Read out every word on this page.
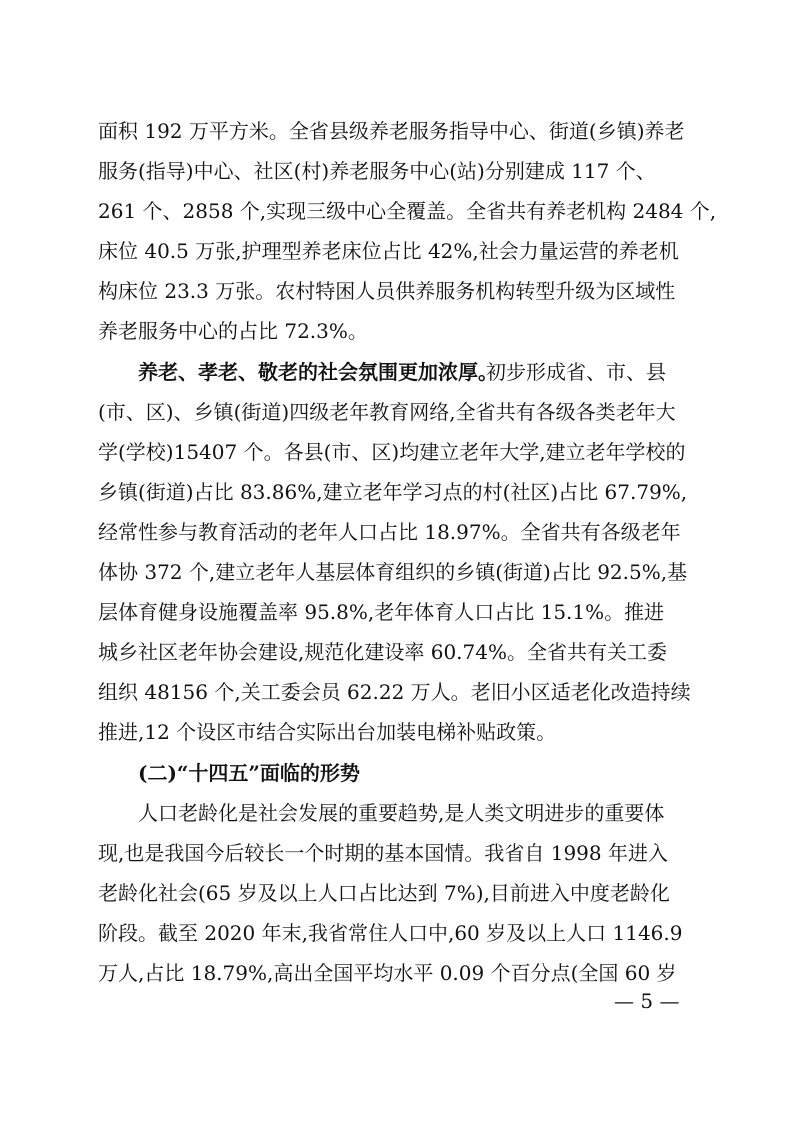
面积 192 万平方米。全省县级养老服务指导中心、街道(乡镇)养老

服务(指导)中心、社区(村)养老服务中心(站)分别建成 117 个、

261 个、2858 个,实现三级中心全覆盖。全省共有养老机构 2484 个,

床位 40.5 万张,护理型养老床位占比 42%,社会力量运营的养老机

构床位 23.3 万张。农村特困人员供养服务机构转型升级为区域性

养老服务中心的占比 72.3%。

养老、孝老、敬老的社会氛围更加浓厚。
初步形成省、市、县

(市、区)、乡镇(街道)四级老年教育网络,全省共有各级各类老年大

学(学校)15407 个。各县(市、区)均建立老年大学,建立老年学校的

乡镇(街道)占比 83.86%,建立老年学习点的村(社区)占比 67.79%,

经常性参与教育活动的老年人口占比 18.97%。全省共有各级老年

体协 372 个,建立老年人基层体育组织的乡镇(街道)占比 92.5%,基

层体育健身设施覆盖率 95.8%,老年体育人口占比 15.1%。推进

城乡社区老年协会建设,规范化建设率 60.74%。全省共有关工委

组织 48156 个,关工委会员 62.22 万人。老旧小区适老化改造持续

推进,12 个设区市结合实际出台加装电梯补贴政策。

(二)“十四五”面临的形势

人口老龄化是社会发展的重要趋势,是人类文明进步的重要体

现,也是我国今后较长一个时期的基本国情。我省自 1998 年进入

老龄化社会(65 岁及以上人口占比达到 7%),目前进入中度老龄化

阶段。截至 2020 年末,我省常住人口中,60 岁及以上人口 1146.9

万人,占比 18.79%,高出全国平均水平 0.09 个百分点(全国 60 岁

— 5 —
